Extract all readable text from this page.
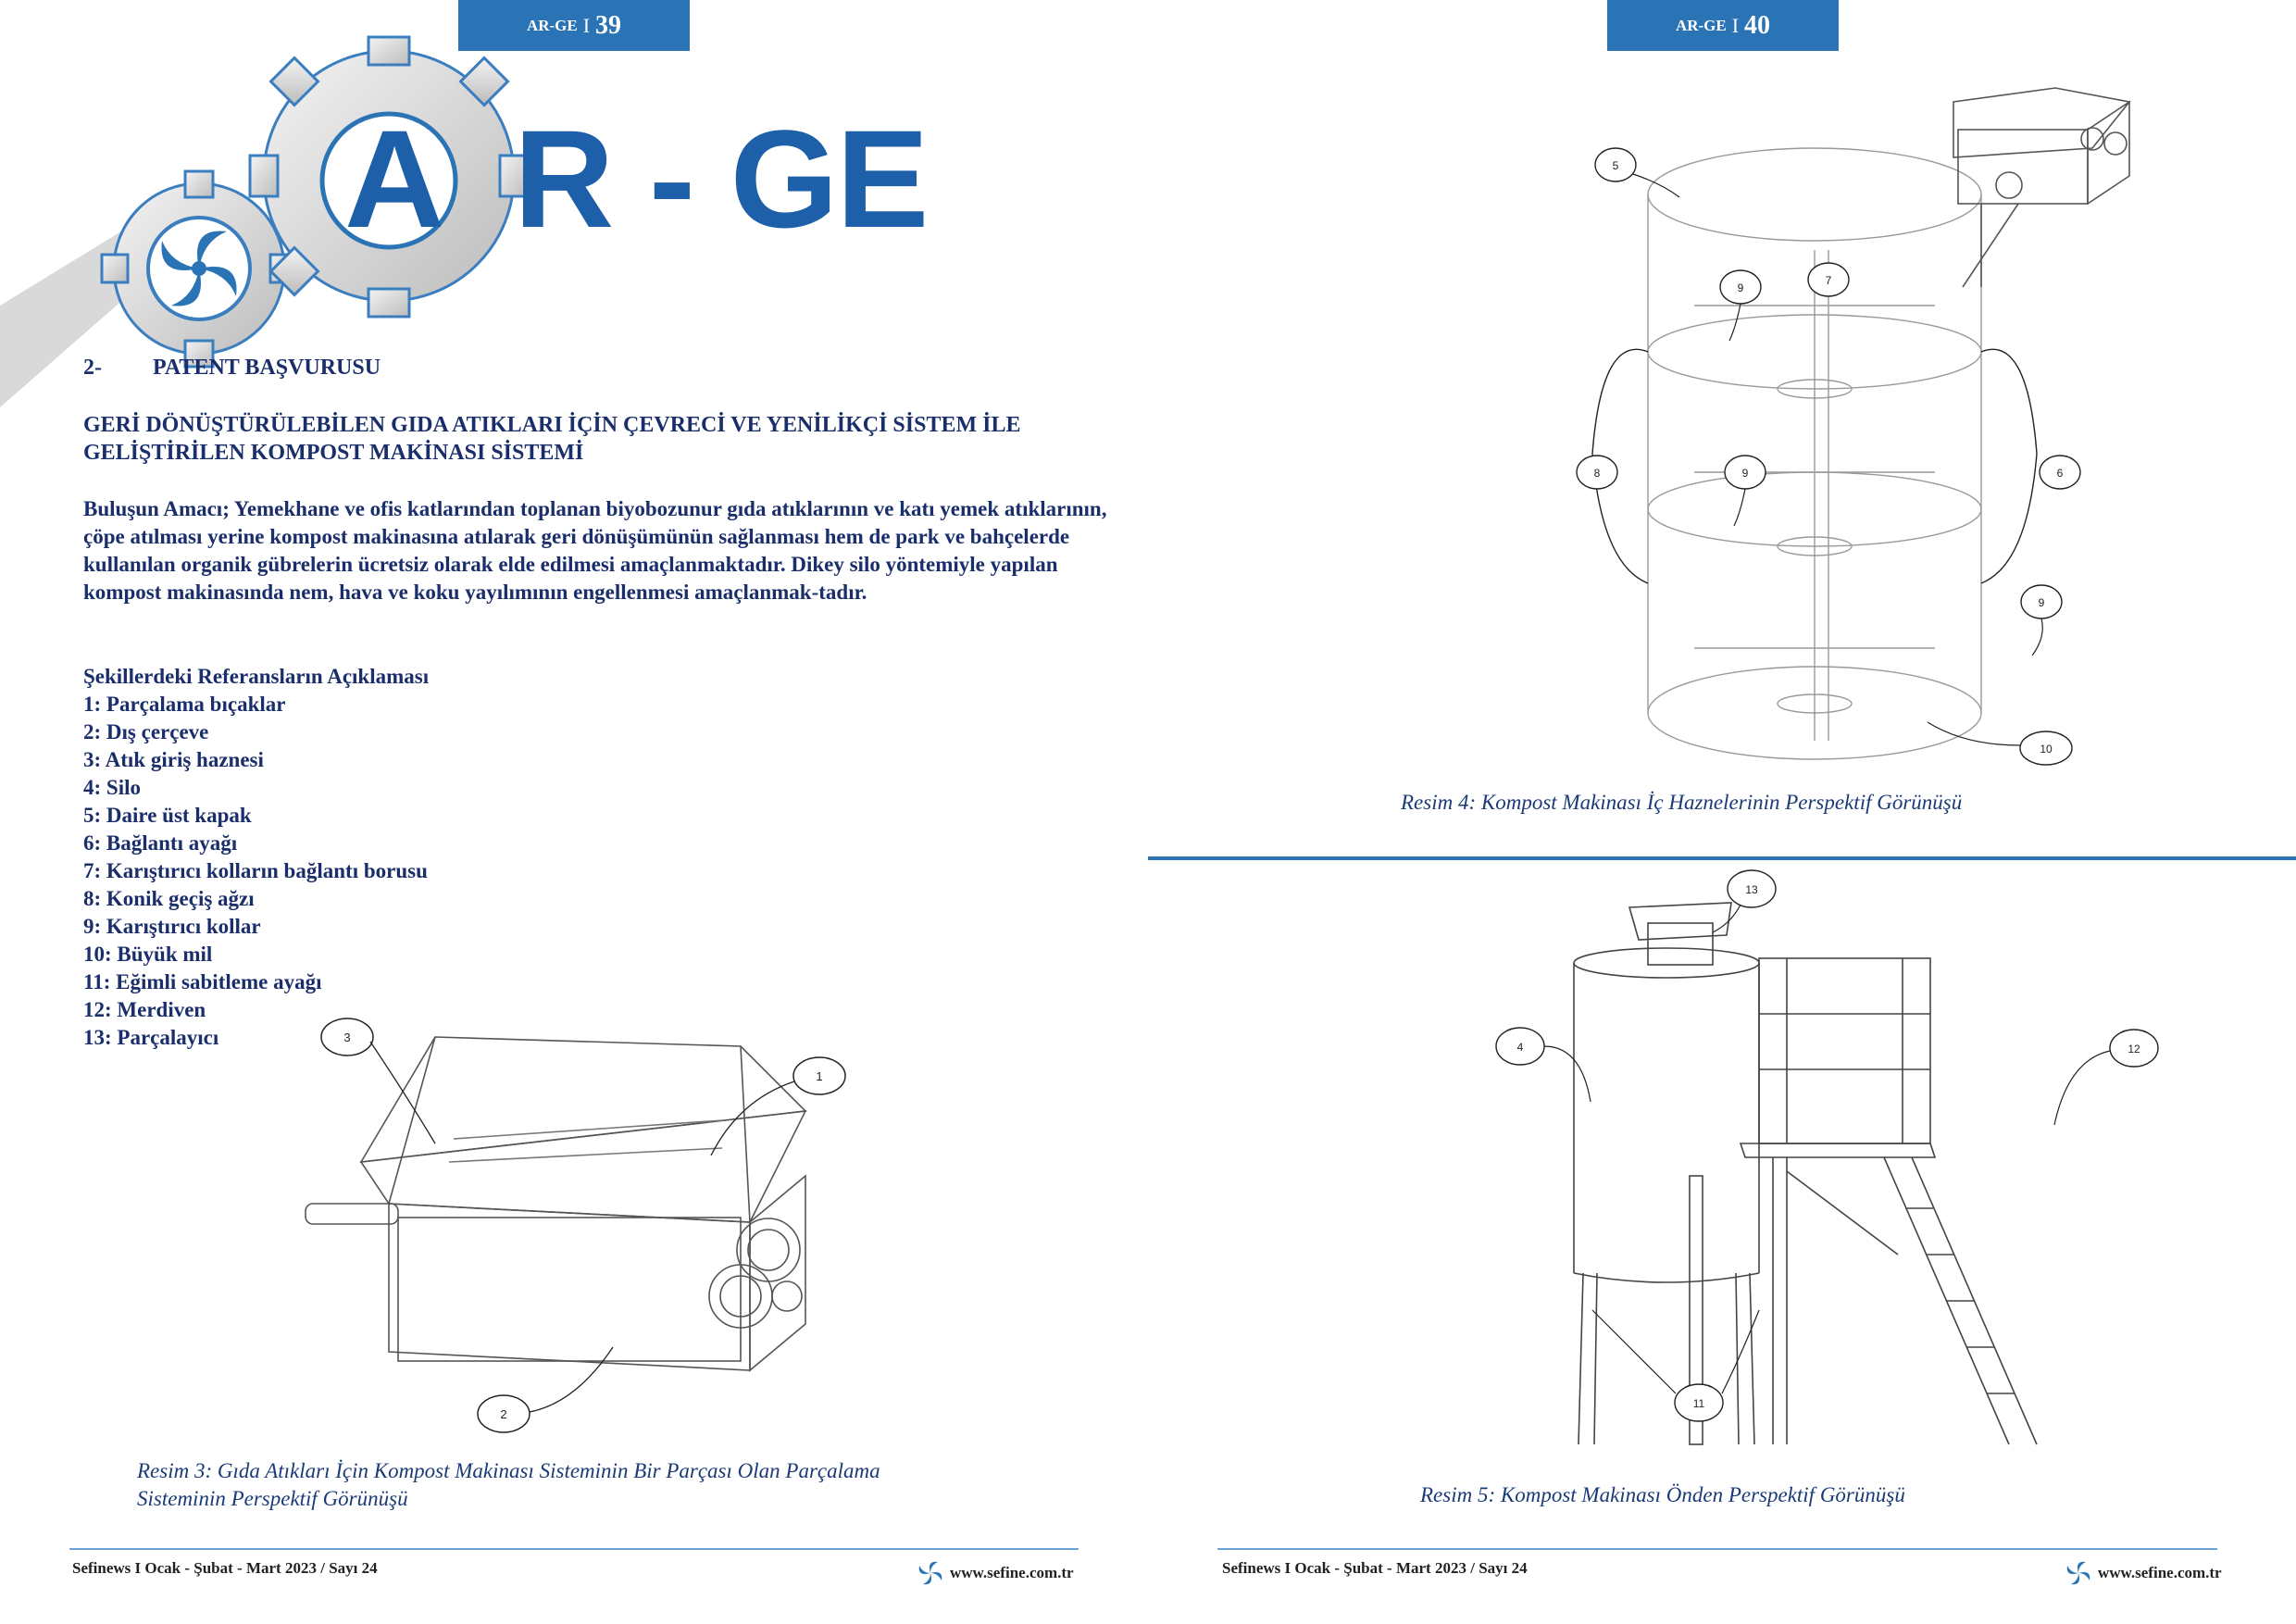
AR-GE I 39
A R - GE
2- PATENT BAŞVURUSU
GERİ DÖNÜŞTÜRÜLEBİLEN GIDA ATIKLARI İÇİN ÇEVRECİ VE YENİLİKÇİ SİSTEM İLE GELİŞTİRİLEN KOMPOST MAKİNASI SİSTEMİ
Buluşun Amacı; Yemekhane ve ofis katlarından toplanan biyobozunur gıda atıklarının ve katı yemek atıklarının, çöpe atılması yerine kompost makinasına atılarak geri dönüşümünün sağlanması hem de park ve bahçelerde kullanılan organik gübrelerin ücretsiz olarak elde edilmesi amaçlanmaktadır. Dikey silo yöntemiyle yapılan kompost makinasında nem, hava ve koku yayılımının engellenmesi amaçlanmak-tadır.
Şekillerdeki Referansların Açıklaması
1: Parçalama bıçaklar
2: Dış çerçeve
3: Atık giriş haznesi
4: Silo
5: Daire üst kapak
6: Bağlantı ayağı
7: Karıştırıcı kolların bağlantı borusu
8: Konik geçiş ağzı
9: Karıştırıcı kollar
10: Büyük mil
11: Eğimli sabitleme ayağı
12: Merdiven
13: Parçalayıcı	3
1
2
Resim 3: Gıda Atıkları İçin Kompost Makinası Sisteminin Bir Parçası Olan Parçalama Sisteminin Perspektif Görünüşü
Sefinews I Ocak - Şubat - Mart 2023 / Sayı 24	www.sefine.com.tr
AR-GE I 40
5
7
9
9
8	6
9
10
Resim 4: Kompost Makinası İç Haznelerinin Perspektif Görünüşü
13
4	12
11
Resim 5: Kompost Makinası Önden Perspektif Görünüşü
Sefinews I Ocak - Şubat - Mart 2023 / Sayı 24	www.sefine.com.tr
